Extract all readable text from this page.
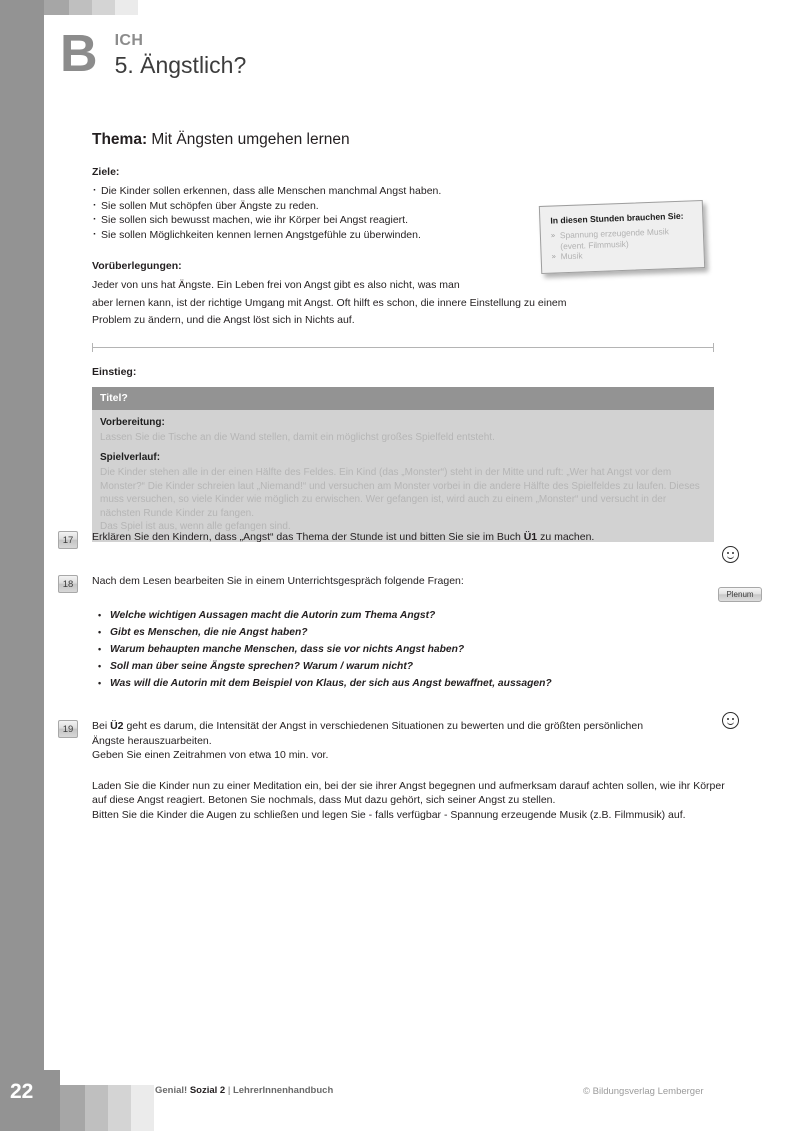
B ICH
5. Ängstlich?
In diesen Stunden brauchen Sie:
» Spannung erzeugende Musik (event. Filmmusik)
» Musik
Thema: Mit Ängsten umgehen lernen
Ziele:
· Die Kinder sollen erkennen, dass alle Menschen manchmal Angst haben.
· Sie sollen Mut schöpfen über Ängste zu reden.
· Sie sollen sich bewusst machen, wie ihr Körper bei Angst reagiert.
· Sie sollen Möglichkeiten kennen lernen Angstgefühle zu überwinden.
Vorüberlegungen:

Jeder von uns hat Ängste. Ein Leben frei von Angst gibt es also nicht, was man

aber lernen kann, ist der richtige Umgang mit Angst. Oft hilft es schon, die innere Einstellung zu einem

Problem zu ändern, und die Angst löst sich in Nichts auf.

Einstieg:
Titel?
Vorbereitung:

Lassen Sie die Tische an die Wand stellen, damit ein möglichst großes Spielfeld entsteht.

Spielverlauf:

Die Kinder stehen alle in der einen Hälfte des Feldes. Ein Kind (das „Monster“) steht in der Mitte und ruft: „Wer hat Angst vor dem Monster?“ Die Kinder schreien laut „Niemand!“ und versuchen am Monster vorbei in die andere Hälfte des Spielfeldes zu laufen. Dieses muss versuchen, so viele Kinder wie möglich zu erwischen. Wer gefangen ist, wird auch zu einem „Monster“ und versucht in der nächsten Runde Kinder zu fangen.

Das Spiel ist aus, wenn alle gefangen sind.

17	Erklären Sie den Kindern, dass „Angst“ das Thema der Stunde ist und bitten Sie sie im Buch Ü1 zu machen.

18	Nach dem Lesen bearbeiten Sie in einem Unterrichtsgespräch folgende Fragen:

• Welche wichtigen Aussagen macht die Autorin zum Thema Angst?
• Gibt es Menschen, die nie Angst haben?
• Warum behaupten manche Menschen, dass sie vor nichts Angst haben?
• Soll man über seine Ängste sprechen? Warum / warum nicht?
• Was will die Autorin mit dem Beispiel von Klaus, der sich aus Angst bewaffnet, aussagen?
19	Bei Ü2 geht es darum, die Intensität der Angst in verschiedenen Situationen zu bewerten und die größten persönlichen Ängste herauszuarbeiten.

Geben Sie einen Zeitrahmen von etwa 10 min. vor.

Laden Sie die Kinder nun zu einer Meditation ein, bei der sie ihrer Angst begegnen und aufmerksam darauf achten sollen, wie ihr Körper auf diese Angst reagiert. Betonen Sie nochmals, dass Mut dazu gehört, sich seiner Angst zu stellen.

Bitten Sie die Kinder die Augen zu schließen und legen Sie - falls verfügbar - Spannung erzeugende Musik (z.B. Filmmusik) auf.

Plenum
22	Genial! Sozial 2 | LehrerInnenhandbuch	© Bildungsverlag Lemberger
